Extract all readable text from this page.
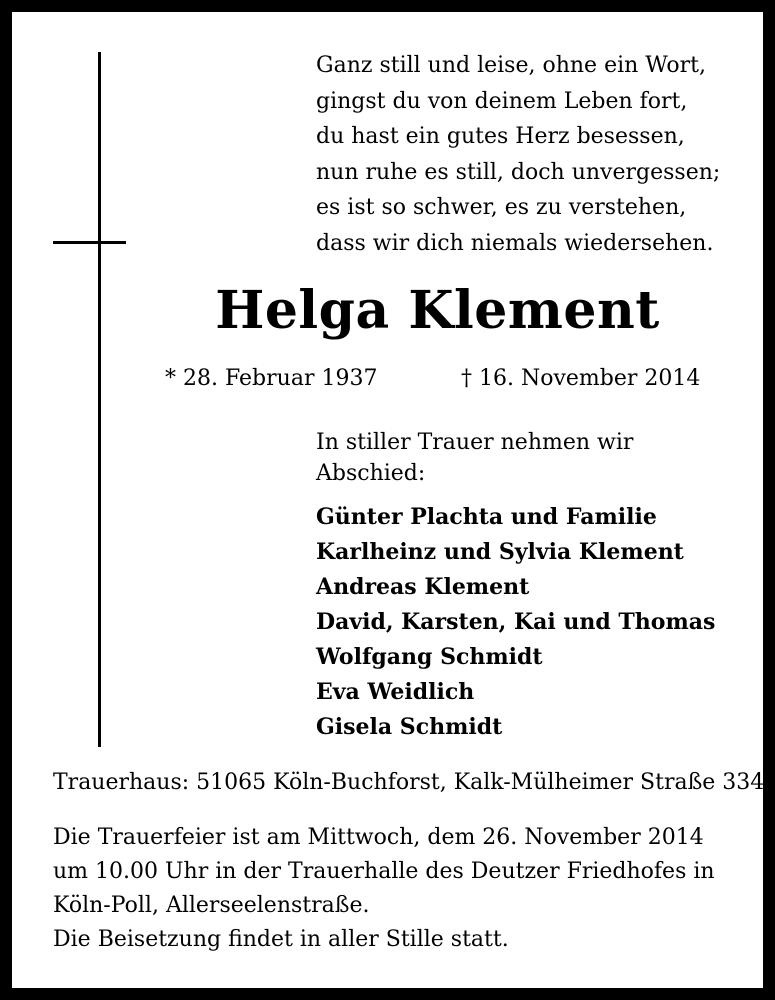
Ganz still und leise, ohne ein Wort,
gingst du von deinem Leben fort,
du hast ein gutes Herz besessen,
nun ruhe es still, doch unvergessen;
es ist so schwer, es zu verstehen,
dass wir dich niemals wiedersehen.
Helga Klement
* 28. Februar 1937	† 16. November 2014
In stiller Trauer nehmen wir
Abschied:
Günter Plachta und Familie
Karlheinz und Sylvia Klement
Andreas Klement
David, Karsten, Kai und Thomas
Wolfgang Schmidt
Eva Weidlich
Gisela Schmidt
Trauerhaus: 51065 Köln-Buchforst, Kalk-Mülheimer Straße 334
Die Trauerfeier ist am Mittwoch, dem 26. November 2014
um 10.00 Uhr in der Trauerhalle des Deutzer Friedhofes in
Köln-Poll, Allerseelenstraße.
Die Beisetzung findet in aller Stille statt.
